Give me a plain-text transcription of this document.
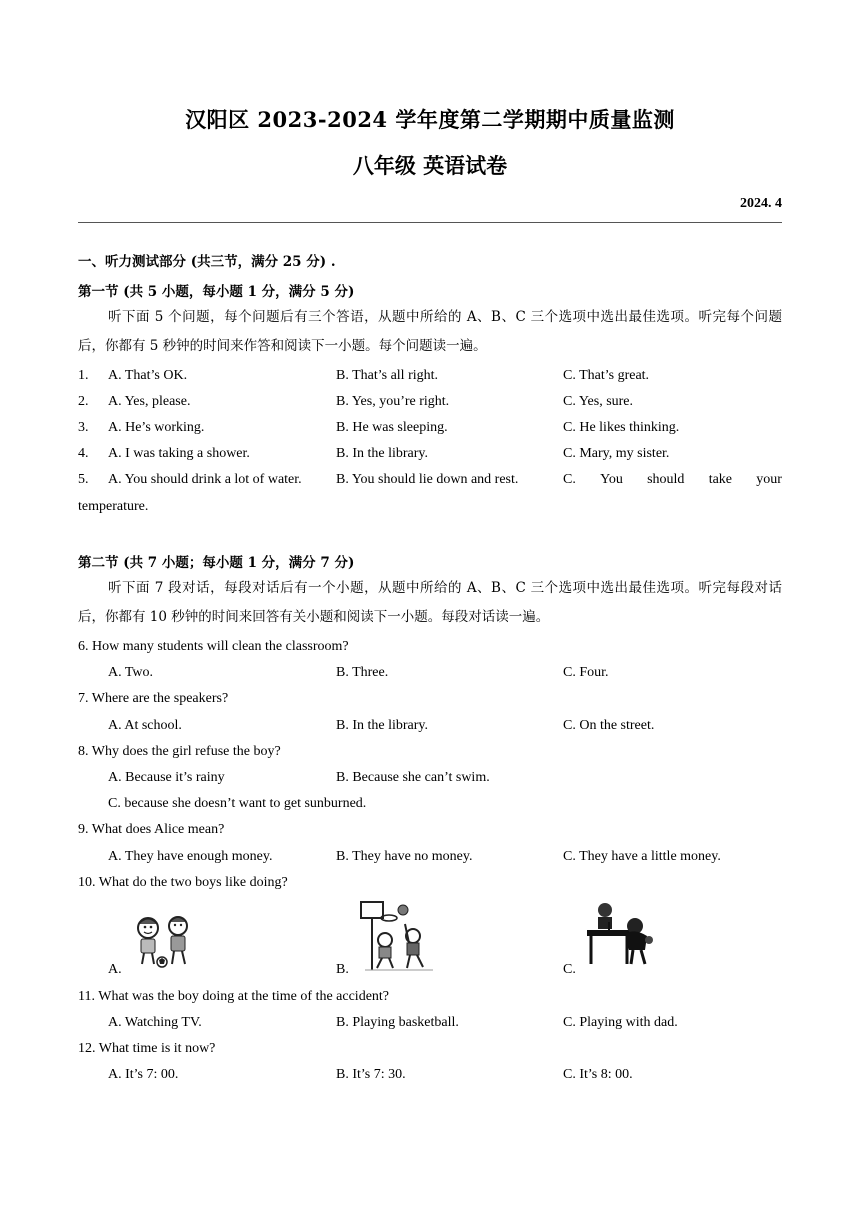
汉阳区 2023-2024 学年度第二学期期中质量监测
八年级 英语试卷
2024. 4
一、听力测试部分 (共三节，满分 25 分) .
第一节 (共 5 小题，每小题 1 分，满分 5 分)
听下面 5 个问题，每个问题后有三个答语，从题中所给的 A、B、C 三个选项中选出最佳选项。听完每个问题后，你都有 5 秒钟的时间来作答和阅读下一小题。每个问题读一遍。
1. A. That’s OK.	B. That’s all right.	C. That’s great.
2. A. Yes, please.	B. Yes, you’re right.	C. Yes, sure.
3. A. He’s working.	B. He was sleeping.	C. He likes thinking.
4. A. I was taking a shower.	B. In the library.	C. Mary, my sister.
5. A. You should drink a lot of water. B. You should lie down and rest.	C. You should take your
temperature.
第二节 (共 7 小题；每小题 1 分，满分 7 分)
听下面 7 段对话，每段对话后有一个小题，从题中所给的 A、B、C 三个选项中选出最佳选项。听完每段对话后，你都有 10 秒钟的时间来回答有关小题和阅读下一小题。每段对话读一遍。
6. How many students will clean the classroom?
A. Two.	B. Three.	C. Four.
7. Where are the speakers?
A. At school.	B. In the library.	C. On the street.
8. Why does the girl refuse the boy?
A. Because it’s rainy	B. Because she can’t swim.
C. because she doesn’t want to get sunburned.
9. What does Alice mean?
A. They have enough money.	B. They have no money.	C. They have a little money.
10. What do the two boys like doing?
A.	B.	C.
11. What was the boy doing at the time of the accident?
A. Watching TV.	B. Playing basketball.	C. Playing with dad.
12. What time is it now?
A. It’s 7: 00.	B. It’s 7: 30.	C. It’s 8: 00.
